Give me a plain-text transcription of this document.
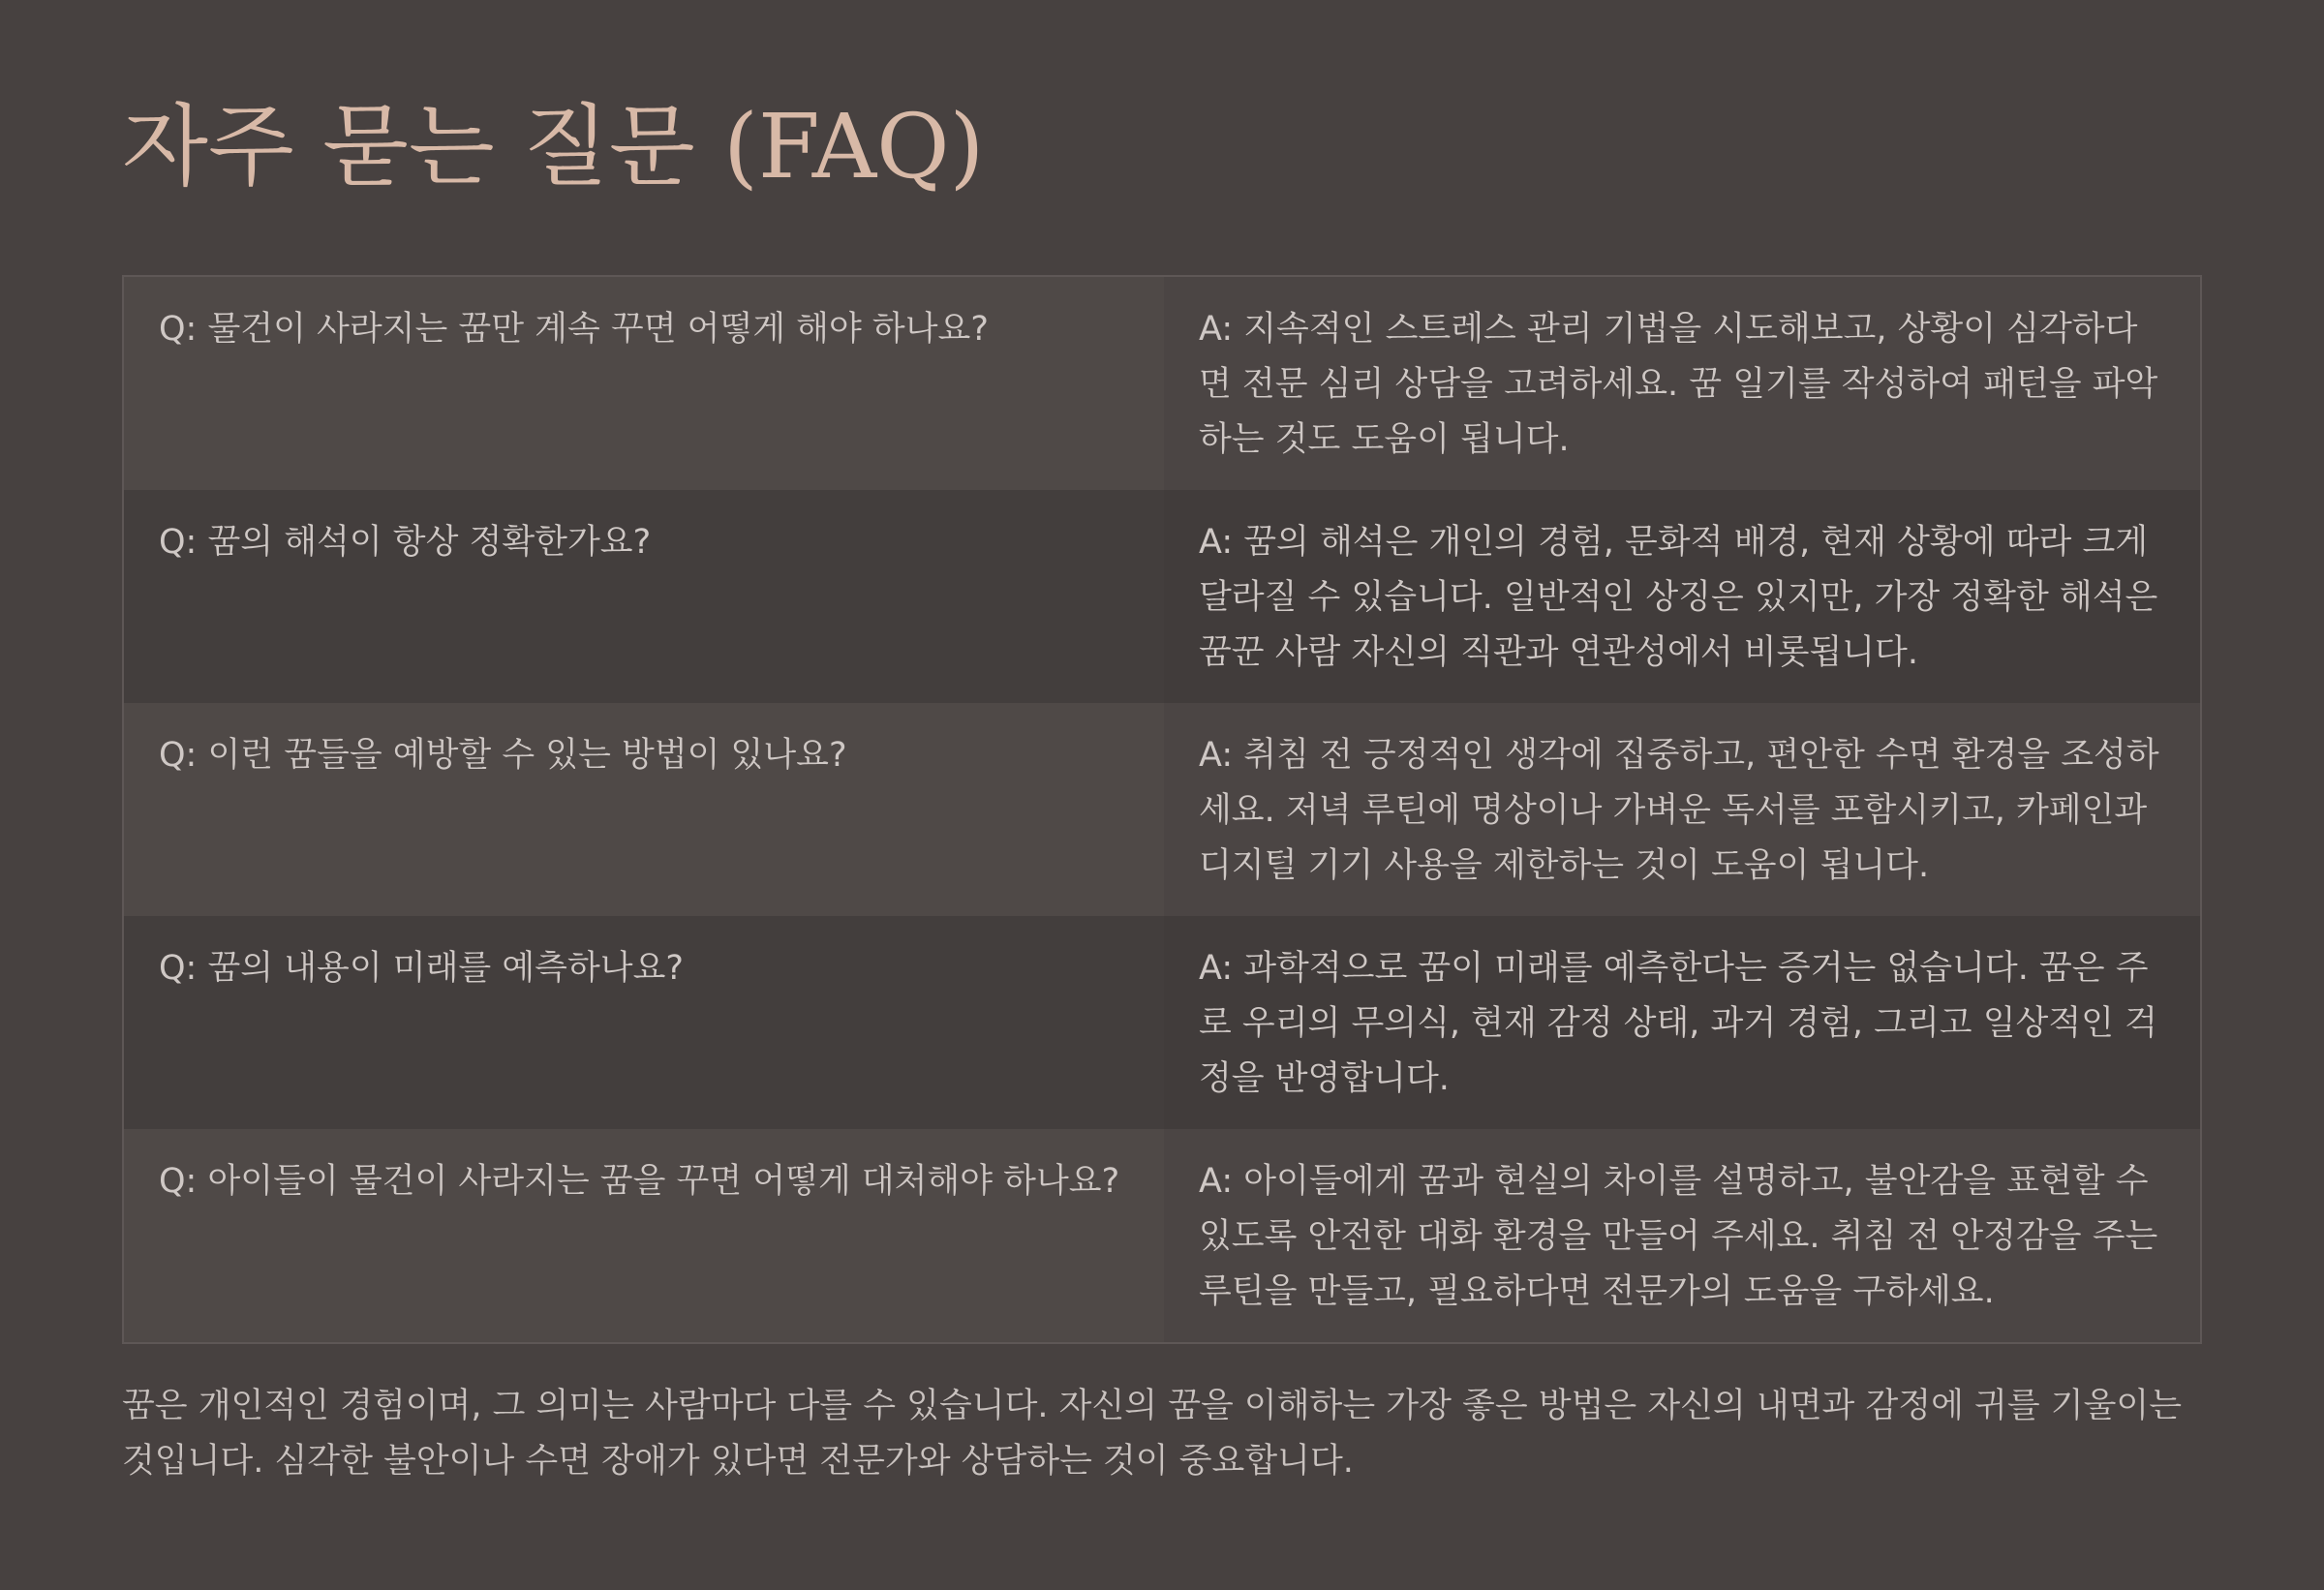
자주 묻는 질문 (FAQ)
Q: 물건이 사라지는 꿈만 계속 꾸면 어떻게 해야 하나요?	A: 지속적인 스트레스 관리 기법을 시도해보고, 상황이 심각하다면 전문 심리 상담을 고려하세요. 꿈 일기를 작성하여 패턴을 파악하는 것도 도움이 됩니다.
Q: 꿈의 해석이 항상 정확한가요?	A: 꿈의 해석은 개인의 경험, 문화적 배경, 현재 상황에 따라 크게 달라질 수 있습니다. 일반적인 상징은 있지만, 가장 정확한 해석은 꿈꾼 사람 자신의 직관과 연관성에서 비롯됩니다.
Q: 이런 꿈들을 예방할 수 있는 방법이 있나요?	A: 취침 전 긍정적인 생각에 집중하고, 편안한 수면 환경을 조성하세요. 저녁 루틴에 명상이나 가벼운 독서를 포함시키고, 카페인과 디지털 기기 사용을 제한하는 것이 도움이 됩니다.
Q: 꿈의 내용이 미래를 예측하나요?	A: 과학적으로 꿈이 미래를 예측한다는 증거는 없습니다. 꿈은 주로 우리의 무의식, 현재 감정 상태, 과거 경험, 그리고 일상적인 걱정을 반영합니다.
Q: 아이들이 물건이 사라지는 꿈을 꾸면 어떻게 대처해야 하나요?	A: 아이들에게 꿈과 현실의 차이를 설명하고, 불안감을 표현할 수 있도록 안전한 대화 환경을 만들어 주세요. 취침 전 안정감을 주는 루틴을 만들고, 필요하다면 전문가의 도움을 구하세요.

꿈은 개인적인 경험이며, 그 의미는 사람마다 다를 수 있습니다. 자신의 꿈을 이해하는 가장 좋은 방법은 자신의 내면과 감정에 귀를 기울이는 것입니다. 심각한 불안이나 수면 장애가 있다면 전문가와 상담하는 것이 중요합니다.
